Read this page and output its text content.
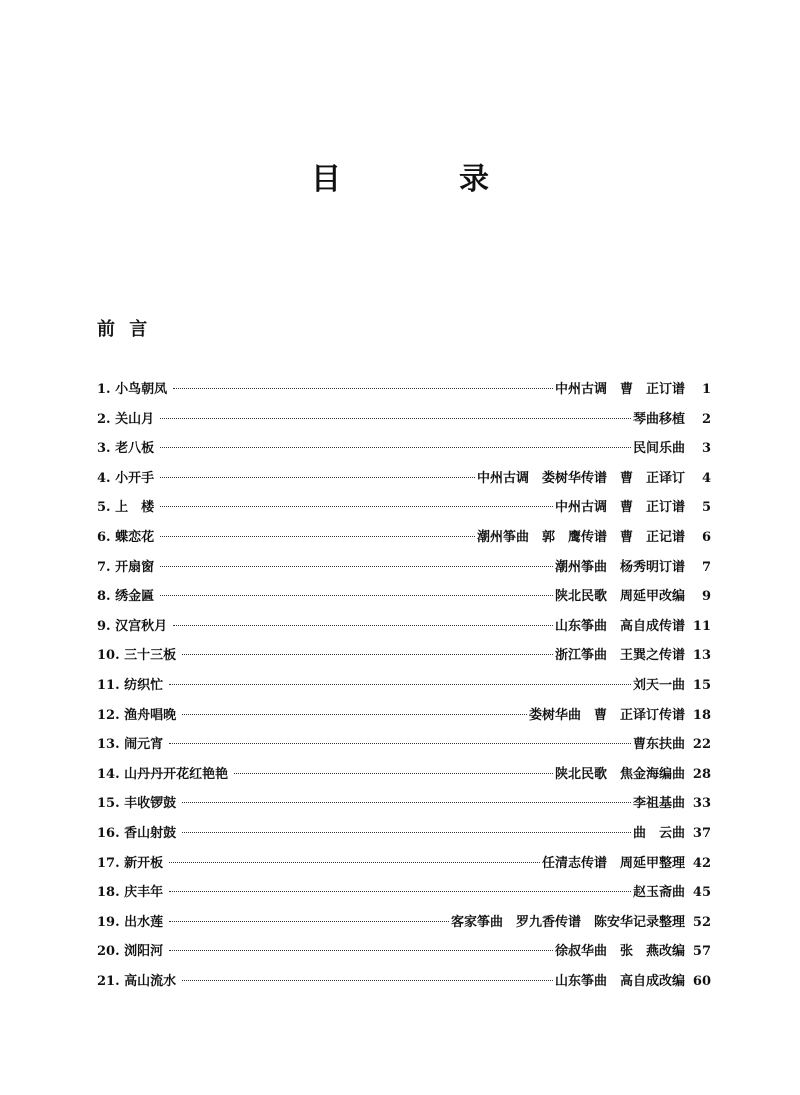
目　录
前 言
1. 小鸟朝凤	中州古调　曹　正订谱	1
2. 关山月	琴曲移植	2
3. 老八板	民间乐曲	3
4. 小开手	中州古调　娄树华传谱　曹　正译订	4
5. 上　楼	中州古调　曹　正订谱	5
6. 蝶恋花	潮州筝曲　郭　鹰传谱　曹　正记谱	6
7. 开扇窗	潮州筝曲　杨秀明订谱	7
8. 绣金匾	陕北民歌　周延甲改编	9
9. 汉宫秋月	山东筝曲　高自成传谱 11
10. 三十三板	浙江筝曲　王巽之传谱 13
11. 纺织忙	刘天一曲 15
12. 渔舟唱晚	娄树华曲　曹　正译订传谱 18
13. 闹元宵	曹东扶曲 22
14. 山丹丹开花红艳艳	陕北民歌　焦金海编曲 28
15. 丰收锣鼓	李祖基曲 33
16. 香山射鼓	曲　云曲 37
17. 新开板	任清志传谱　周延甲整理 42
18. 庆丰年	赵玉斋曲 45
19. 出水莲	客家筝曲　罗九香传谱　陈安华记录整理 52
20. 浏阳河	徐叔华曲　张　燕改编 57
21. 高山流水	山东筝曲　高自成改编 60
